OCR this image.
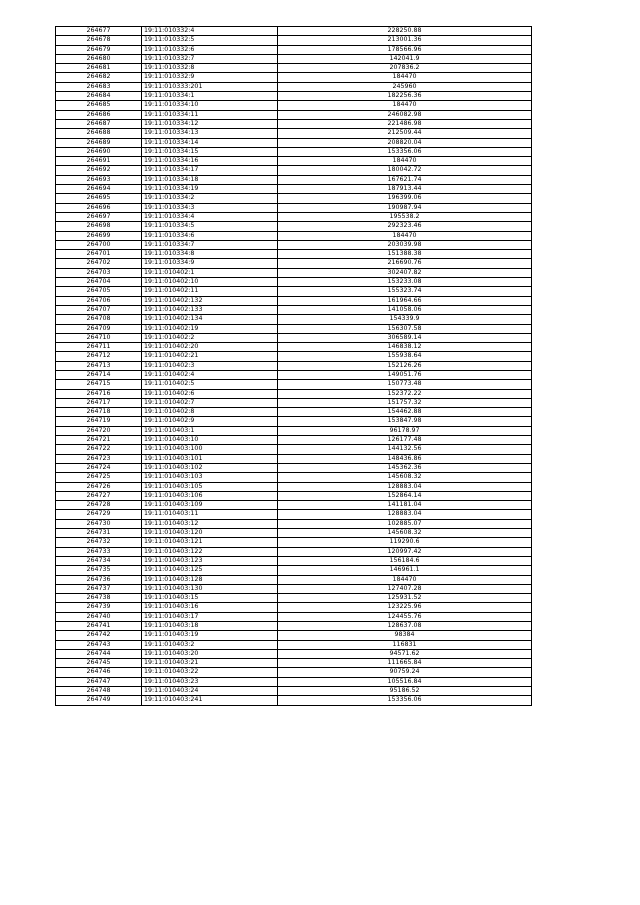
264677	19:11:010332:4	228250.88
264678	19:11:010332:5	213001.36
264679	19:11:010332:6	178566.96
264680	19:11:010332:7	142041.9
264681	19:11:010332:8	207836.2
264682	19:11:010332:9	184470
264683	19:11:010333:201	245960
264684	19:11:010334:1	182256.36
264685	19:11:010334:10	184470
264686	19:11:010334:11	246082.98
264687	19:11:010334:12	221486.98
264688	19:11:010334:13	212509.44
264689	19:11:010334:14	208820.04
264690	19:11:010334:15	153356.06
264691	19:11:010334:16	184470
264692	19:11:010334:17	180042.72
264693	19:11:010334:18	167621.74
264694	19:11:010334:19	187913.44
264695	19:11:010334:2	196399.06
264696	19:11:010334:3	190987.94
264697	19:11:010334:4	195538.2
264698	19:11:010334:5	292323.46
264699	19:11:010334:6	184470
264700	19:11:010334:7	203039.98
264701	19:11:010334:8	151388.38
264702	19:11:010334:9	216690.76
264703	19:11:010402:1	302407.82
264704	19:11:010402:10	153233.08
264705	19:11:010402:11	155323.74
264706	19:11:010402:132	161964.66
264707	19:11:010402:133	141058.06
264708	19:11:010402:134	154339.9
264709	19:11:010402:19	156307.58
264710	19:11:010402:2	306589.14
264711	19:11:010402:20	146838.12
264712	19:11:010402:21	155938.64
264713	19:11:010402:3	152126.26
264714	19:11:010402:4	149051.76
264715	19:11:010402:5	150773.48
264716	19:11:010402:6	152372.22
264717	19:11:010402:7	151757.32
264718	19:11:010402:8	154462.88
264719	19:11:010402:9	153847.98
264720	19:11:010403:1	96178.97
264721	19:11:010403:10	126177.48
264722	19:11:010403:100	144132.56
264723	19:11:010403:101	148436.86
264724	19:11:010403:102	145362.36
264725	19:11:010403:103	145608.32
264726	19:11:010403:105	128883.04
264727	19:11:010403:106	152864.14
264728	19:11:010403:109	141181.04
264729	19:11:010403:11	128883.04
264730	19:11:010403:12	102885.07
264731	19:11:010403:120	145608.32
264732	19:11:010403:121	119290.6
264733	19:11:010403:122	120997.42
264734	19:11:010403:123	156184.6
264735	19:11:010403:125	146961.1
264736	19:11:010403:128	184470
264737	19:11:010403:130	127407.28
264738	19:11:010403:15	125931.52
264739	19:11:010403:16	123225.96
264740	19:11:010403:17	124455.76
264741	19:11:010403:18	128637.08
264742	19:11:010403:19	98384
264743	19:11:010403:2	116831
264744	19:11:010403:20	94571.62
264745	19:11:010403:21	111665.84
264746	19:11:010403:22	90759.24
264747	19:11:010403:23	105516.84
264748	19:11:010403:24	95186.52
264749	19:11:010403:241	153356.06
